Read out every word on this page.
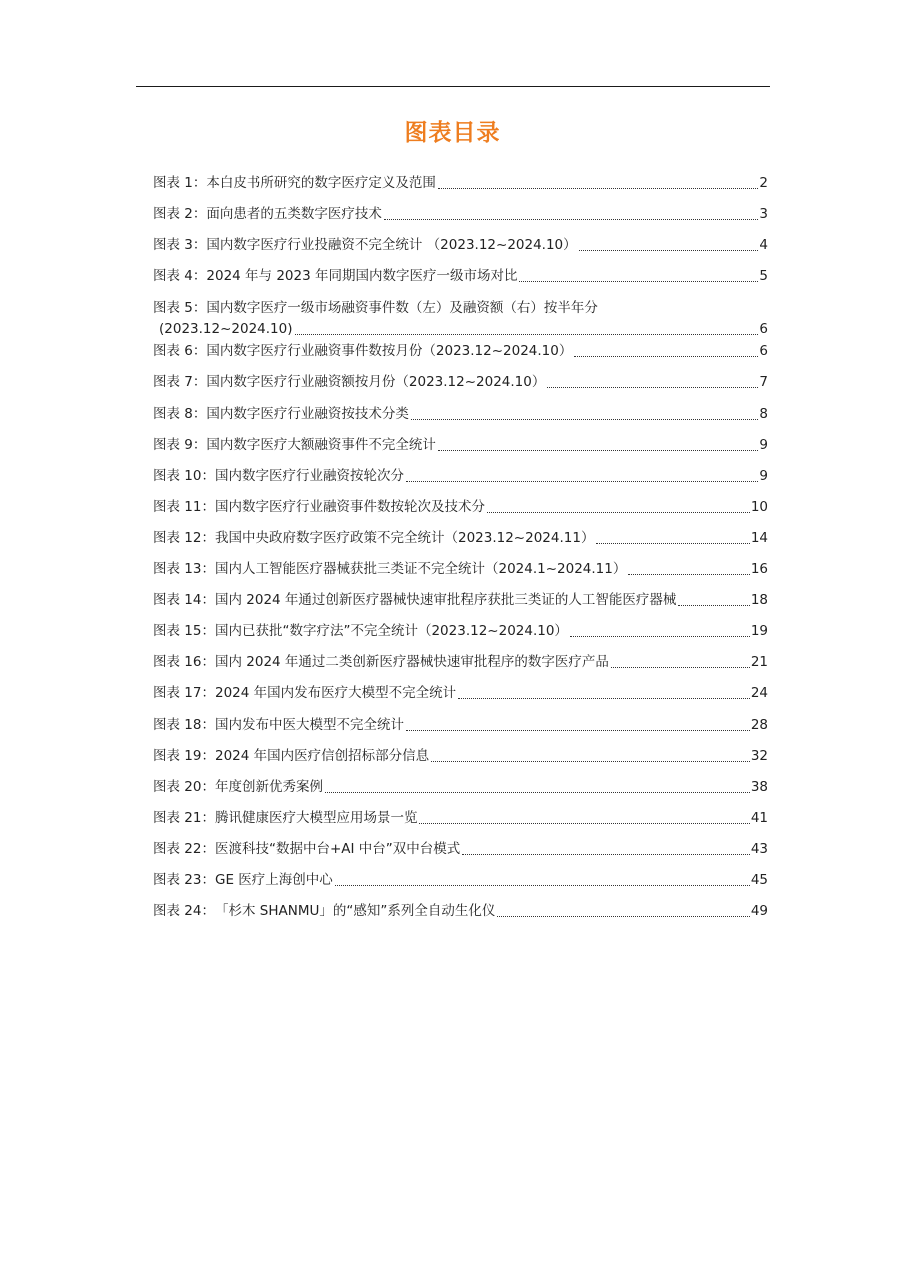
图表目录
图表 1： 本白皮书所研究的数字医疗定义及范围	2
图表 2： 面向患者的五类数字医疗技术	3
图表 3： 国内数字医疗行业投融资不完全统计 （2023.12~2024.10）	4
图表 4： 2024 年与 2023 年同期国内数字医疗一级市场对比	5
图表 5：国内数字医疗一级市场融资事件数（左）及融资额（右）按半年分
(2023.12~2024.10)	6
图表 6： 国内数字医疗行业融资事件数按月份（2023.12~2024.10）	6
图表 7： 国内数字医疗行业融资额按月份（2023.12~2024.10）	7
图表 8： 国内数字医疗行业融资按技术分类	8
图表 9： 国内数字医疗大额融资事件不完全统计	9
图表 10： 国内数字医疗行业融资按轮次分	9
图表 11： 国内数字医疗行业融资事件数按轮次及技术分	10
图表 12： 我国中央政府数字医疗政策不完全统计（2023.12~2024.11）	14
图表 13： 国内人工智能医疗器械获批三类证不完全统计（2024.1~2024.11）	16
图表 14： 国内 2024 年通过创新医疗器械快速审批程序获批三类证的人工智能医疗器械	18
图表 15： 国内已获批“数字疗法”不完全统计（2023.12~2024.10）	19
图表 16： 国内 2024 年通过二类创新医疗器械快速审批程序的数字医疗产品	21
图表 17： 2024 年国内发布医疗大模型不完全统计	24
图表 18： 国内发布中医大模型不完全统计	28
图表 19： 2024 年国内医疗信创招标部分信息	32
图表 20： 年度创新优秀案例	38
图表 21： 腾讯健康医疗大模型应用场景一览	41
图表 22： 医渡科技“数据中台+AI 中台”双中台模式	43
图表 23： GE 医疗上海创中心	45
图表 24： 「杉木 SHANMU」的“感知”系列全自动生化仪	49
